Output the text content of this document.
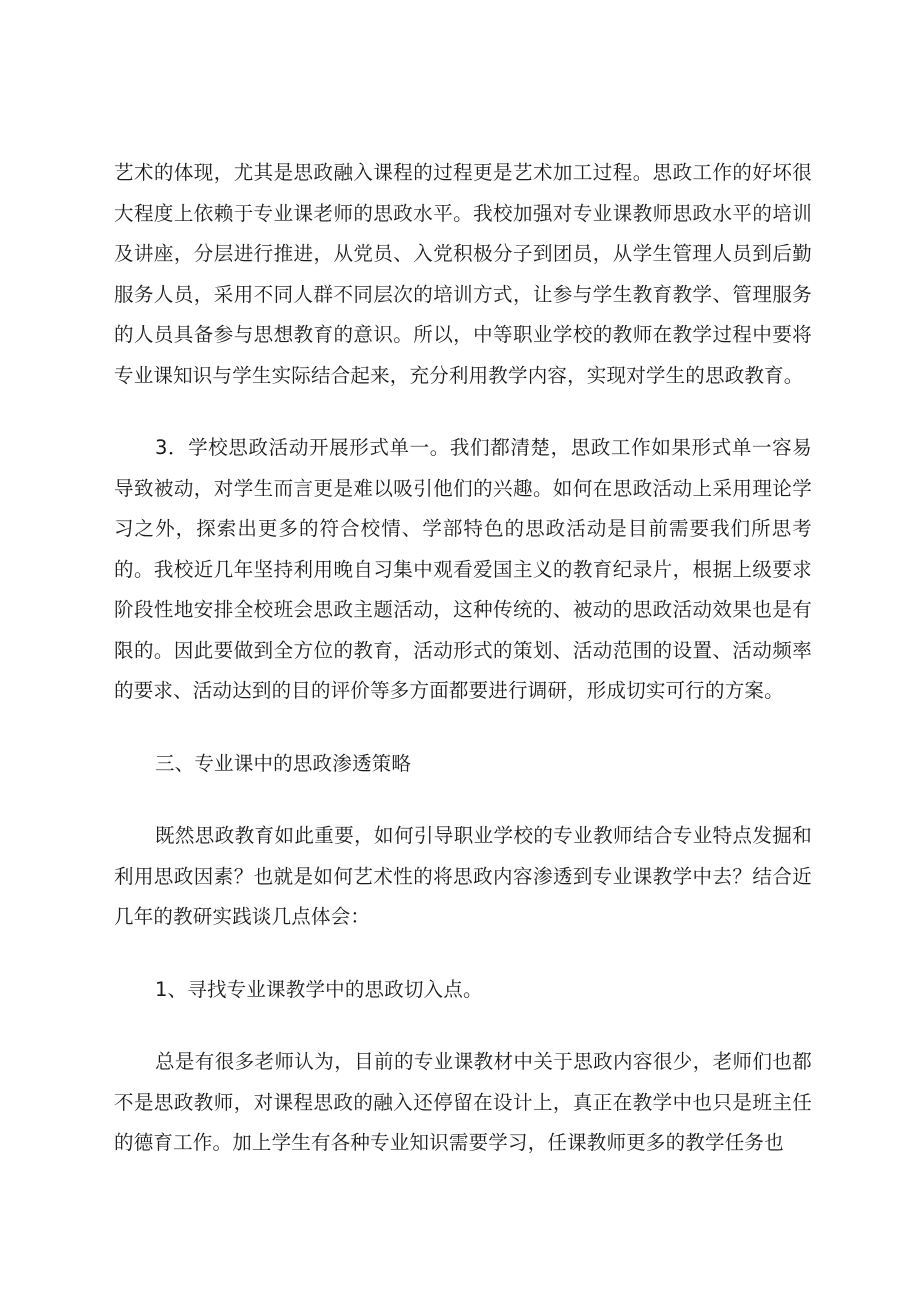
艺术的体现，尤其是思政融入课程的过程更是艺术加工过程。思政工作的好坏很大程度上依赖于专业课老师的思政水平。我校加强对专业课教师思政水平的培训及讲座，分层进行推进，从党员、入党积极分子到团员，从学生管理人员到后勤服务人员，采用不同人群不同层次的培训方式，让参与学生教育教学、管理服务的人员具备参与思想教育的意识。所以，中等职业学校的教师在教学过程中要将专业课知识与学生实际结合起来，充分利用教学内容，实现对学生的思政教育。

3．学校思政活动开展形式单一。我们都清楚，思政工作如果形式单一容易导致被动，对学生而言更是难以吸引他们的兴趣。如何在思政活动上采用理论学习之外，探索出更多的符合校情、学部特色的思政活动是目前需要我们所思考的。我校近几年坚持利用晚自习集中观看爱国主义的教育纪录片，根据上级要求阶段性地安排全校班会思政主题活动，这种传统的、被动的思政活动效果也是有限的。因此要做到全方位的教育，活动形式的策划、活动范围的设置、活动频率的要求、活动达到的目的评价等多方面都要进行调研，形成切实可行的方案。

三、专业课中的思政渗透策略

既然思政教育如此重要，如何引导职业学校的专业教师结合专业特点发掘和利用思政因素？也就是如何艺术性的将思政内容渗透到专业课教学中去？结合近几年的教研实践谈几点体会：

1、寻找专业课教学中的思政切入点。

总是有很多老师认为，目前的专业课教材中关于思政内容很少，老师们也都不是思政教师，对课程思政的融入还停留在设计上，真正在教学中也只是班主任的德育工作。加上学生有各种专业知识需要学习，任课教师更多的教学任务也
